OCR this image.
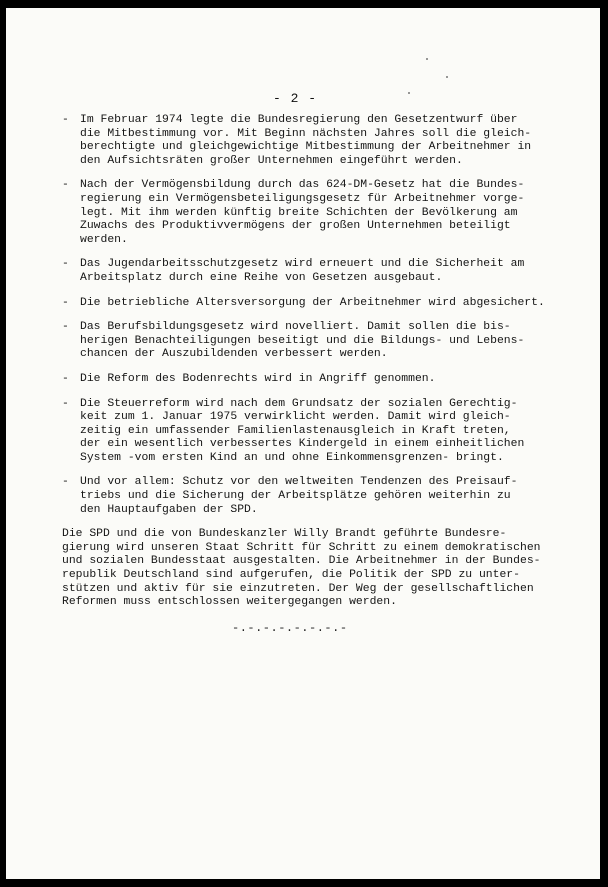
- 2 -
- Im Februar 1974 legte die Bundesregierung den Gesetzentwurf über
die Mitbestimmung vor. Mit Beginn nächsten Jahres soll die gleich-
berechtigte und gleichgewichtige Mitbestimmung der Arbeitnehmer in
den Aufsichtsräten großer Unternehmen eingeführt werden.
- Nach der Vermögensbildung durch das 624-DM-Gesetz hat die Bundes-
regierung ein Vermögensbeteiligungsgesetz für Arbeitnehmer vorge-
legt. Mit ihm werden künftig breite Schichten der Bevölkerung am
Zuwachs des Produktivvermögens der großen Unternehmen beteiligt
werden.
- Das Jugendarbeitsschutzgesetz wird erneuert und die Sicherheit am
Arbeitsplatz durch eine Reihe von Gesetzen ausgebaut.
- Die betriebliche Altersversorgung der Arbeitnehmer wird abgesichert.
- Das Berufsbildungsgesetz wird novelliert. Damit sollen die bis-
herigen Benachteiligungen beseitigt und die Bildungs- und Lebens-
chancen der Auszubildenden verbessert werden.
- Die Reform des Bodenrechts wird in Angriff genommen.
- Die Steuerreform wird nach dem Grundsatz der sozialen Gerechtig-
keit zum 1. Januar 1975 verwirklicht werden. Damit wird gleich-
zeitig ein umfassender Familienlastenausgleich in Kraft treten,
der ein wesentlich verbessertes Kindergeld in einem einheitlichen
System -vom ersten Kind an und ohne Einkommensgrenzen- bringt.
- Und vor allem: Schutz vor den weltweiten Tendenzen des Preisauf-
triebs und die Sicherung der Arbeitsplätze gehören weiterhin zu
den Hauptaufgaben der SPD.
Die SPD und die von Bundeskanzler Willy Brandt geführte Bundesre-
gierung wird unseren Staat Schritt für Schritt zu einem demokratischen
und sozialen Bundesstaat ausgestalten. Die Arbeitnehmer in der Bundes-
republik Deutschland sind aufgerufen, die Politik der SPD zu unter-
stützen und aktiv für sie einzutreten. Der Weg der gesellschaftlichen
Reformen muss entschlossen weitergegangen werden.
-.-.-.-.-.-.-.-
